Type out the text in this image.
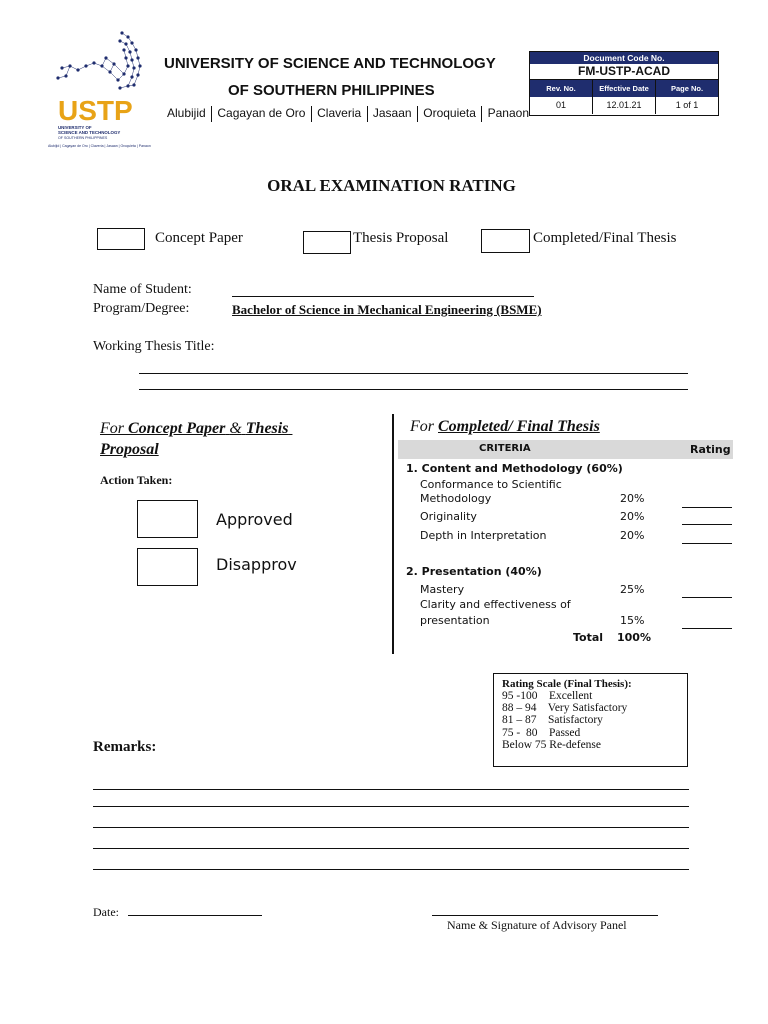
USTP
UNIVERSITY OF
SCIENCE AND TECHNOLOGY
OF SOUTHERN PHILIPPINES
Alubijid | Cagayan de Oro | Claveria | Jasaan | Oroquieta | Panaon
UNIVERSITY OF SCIENCE AND TECHNOLOGY
OF SOUTHERN PHILIPPINES
Alubijid Cagayan de Oro Claveria Jasaan Oroquieta Panaon
Document Code No.
FM-USTP-ACAD
Rev. No.	Effective Date	Page No.
01	12.01.21	1 of 1
ORAL EXAMINATION RATING
Concept Paper	Thesis Proposal	Completed/Final Thesis
Name of Student:
Program/Degree:	Bachelor of Science in Mechanical Engineering (BSME)
Working Thesis Title:
For Concept Paper & Thesis
Proposal
Action Taken:
Approved
Disapprov
For Completed/ Final Thesis
CRITERIA	Rating
1. Content and Methodology (60%)
Conformance to Scientific
Methodology	20%
Originality	20%
Depth in Interpretation	20%
2. Presentation (40%)
Mastery	25%
Clarity and effectiveness of
presentation	15%
Total 100%
Rating Scale (Final Thesis):
95 -100    Excellent
88 – 94    Very Satisfactory
81 – 87    Satisfactory
75 -  80    Passed
Below 75 Re-defense
Remarks:
Date:
Name & Signature of Advisory Panel
